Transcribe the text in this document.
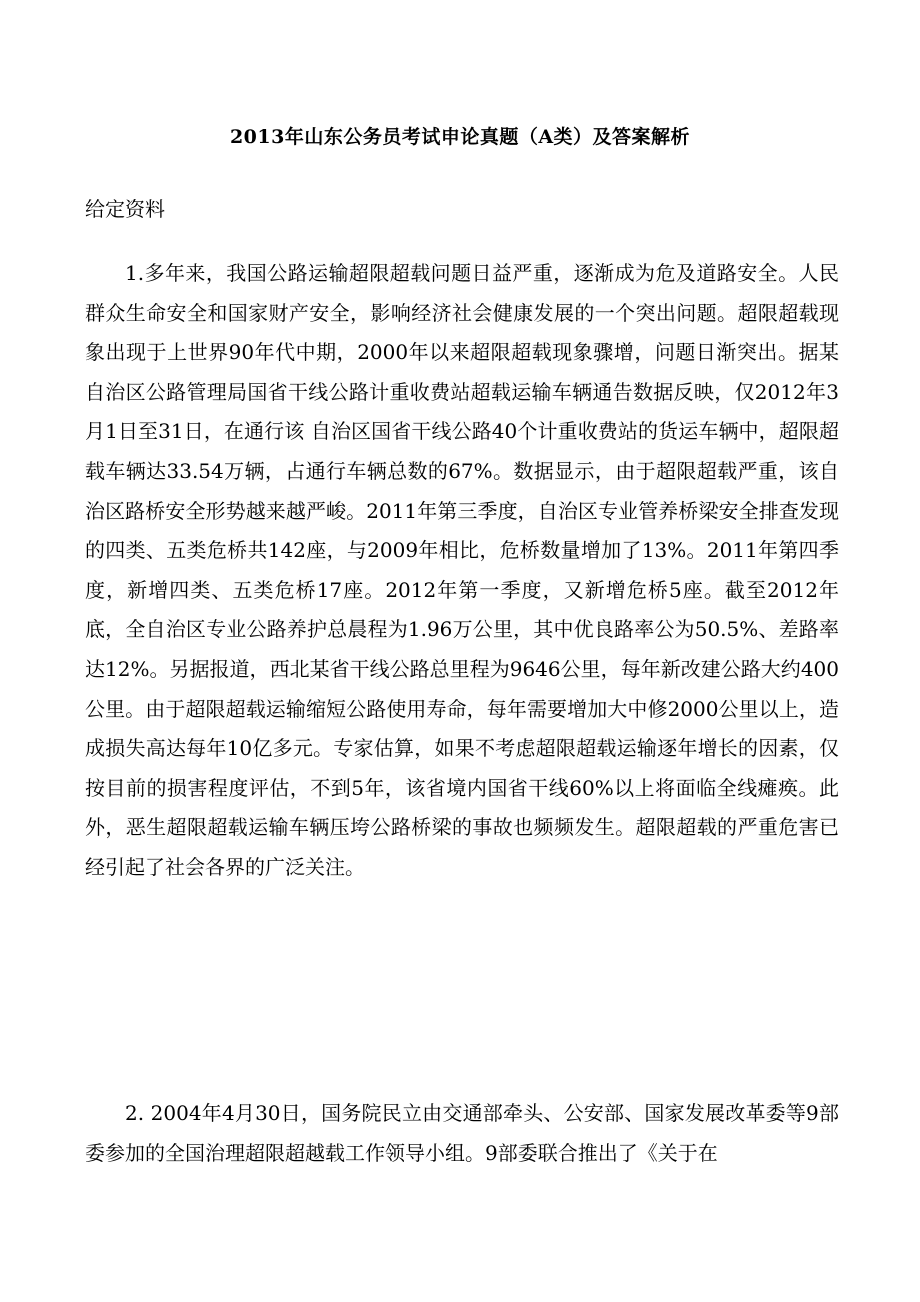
2013年山东公务员考试申论真题（A类）及答案解析
给定资料

1.多年来，我国公路运输超限超载问题日益严重，逐渐成为危及道路安全。人民群众生命安全和国家财产安全，影响经济社会健康发展的一个突出问题。超限超载现象出现于上世界90年代中期，2000年以来超限超载现象骤增，问题日渐突出。据某自治区公路管理局国省干线公路计重收费站超载运输车辆通告数据反映，仅2012年3月1日至31日，在通行该 自治区国省干线公路40个计重收费站的货运车辆中，超限超载车辆达33.54万辆，占通行车辆总数的67%。数据显示，由于超限超载严重，该自治区路桥安全形势越来越严峻。2011年第三季度，自治区专业管养桥梁安全排查发现的四类、五类危桥共142座，与2009年相比，危桥数量增加了13%。2011年第四季度，新增四类、五类危桥17座。2012年第一季度，又新增危桥5座。截至2012年底，全自治区专业公路养护总晨程为1.96万公里，其中优良路率公为50.5%、差路率达12%。另据报道，西北某省干线公路总里程为9646公里，每年新改建公路大约400公里。由于超限超载运输缩短公路使用寿命，每年需要增加大中修2000公里以上，造成损失高达每年10亿多元。专家估算，如果不考虑超限超载运输逐年增长的因素，仅按目前的损害程度评估，不到5年，该省境内国省干线60%以上将面临全线瘫痪。此外，恶生超限超载运输车辆压垮公路桥梁的事故也频频发生。超限超载的严重危害已经引起了社会各界的广泛关注。

2. 2004年4月30日，国务院民立由交通部牵头、公安部、国家发展改革委等9部委参加的全国治理超限超越载工作领导小组。9部委联合推出了《关于在
